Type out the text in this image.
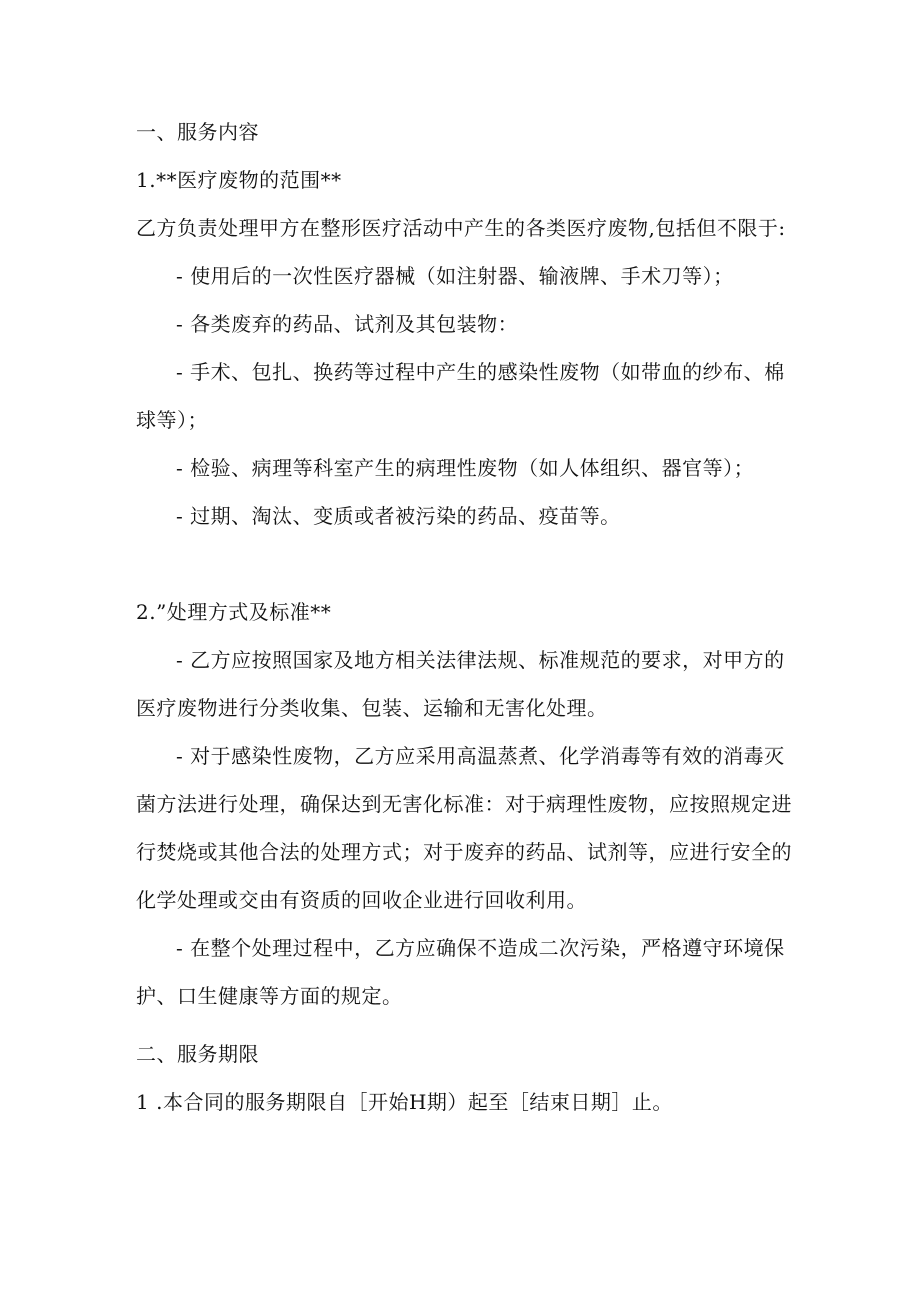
一、服务内容
1.**医疗废物的范围**
乙方负责处理甲方在整形医疗活动中产生的各类医疗废物,包括但不限于:
- 使用后的一次性医疗器械（如注射器、输液牌、手术刀等）；
- 各类废弃的药品、试剂及其包装物：
- 手术、包扎、换药等过程中产生的感染性废物（如带血的纱布、棉
球等）；
- 检验、病理等科室产生的病理性废物（如人体组织、器官等）；
- 过期、淘汰、变质或者被污染的药品、疫苗等。
2.”处理方式及标准**
- 乙方应按照国家及地方相关法律法规、标准规范的要求，对甲方的
医疗废物进行分类收集、包装、运输和无害化处理。
- 对于感染性废物，乙方应采用高温蒸煮、化学消毒等有效的消毒灭
菌方法进行处理，确保达到无害化标准：对于病理性废物，应按照规定进
行焚烧或其他合法的处理方式；对于废弃的药品、试剂等，应进行安全的
化学处理或交由有资质的回收企业进行回收利用。
- 在整个处理过程中，乙方应确保不造成二次污染，严格遵守环境保
护、口生健康等方面的规定。
二、服务期限
1 .本合同的服务期限自［开始H期）起至［结束日期］止。
